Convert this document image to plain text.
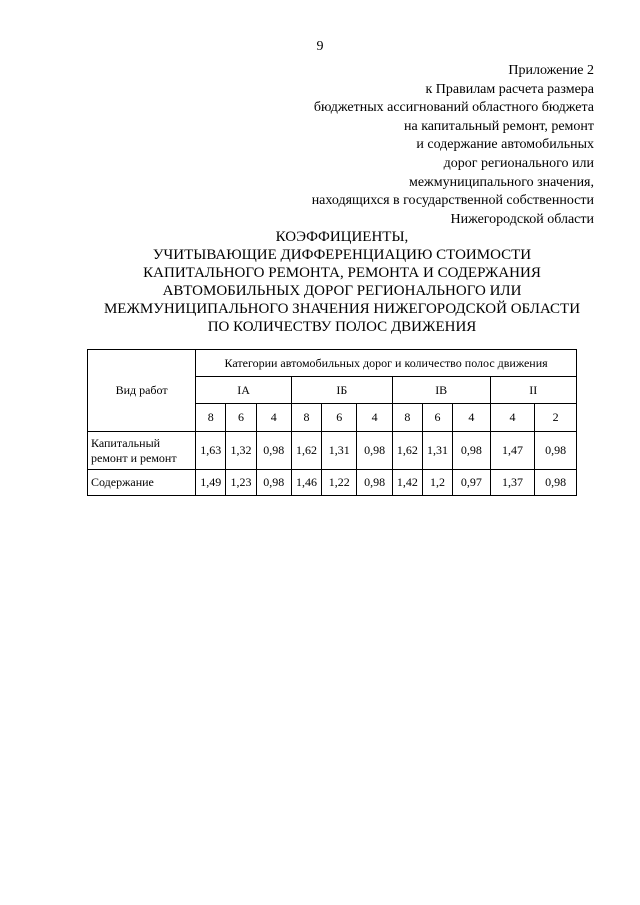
9
Приложение 2
к Правилам расчета размера
бюджетных ассигнований областного бюджета
на капитальный ремонт, ремонт
и содержание автомобильных
дорог регионального или
межмуниципального значения,
находящихся в государственной собственности
Нижегородской области
КОЭФФИЦИЕНТЫ,
УЧИТЫВАЮЩИЕ ДИФФЕРЕНЦИАЦИЮ СТОИМОСТИ
КАПИТАЛЬНОГО РЕМОНТА, РЕМОНТА И СОДЕРЖАНИЯ
АВТОМОБИЛЬНЫХ ДОРОГ РЕГИОНАЛЬНОГО ИЛИ
МЕЖМУНИЦИПАЛЬНОГО ЗНАЧЕНИЯ НИЖЕГОРОДСКОЙ ОБЛАСТИ
ПО КОЛИЧЕСТВУ ПОЛОС ДВИЖЕНИЯ
Вид работ	Категории автомобильных дорог и количество полос движения										
	IА			IБ			IВ			II	
	8	6	4	8	6	4	8	6	4	4	2
Капитальный
ремонт и ремонт	1,63	1,32	0,98	1,62	1,31	0,98	1,62	1,31	0,98	1,47	0,98
Содержание	1,49	1,23	0,98	1,46	1,22	0,98	1,42	1,2	0,97	1,37	0,98
